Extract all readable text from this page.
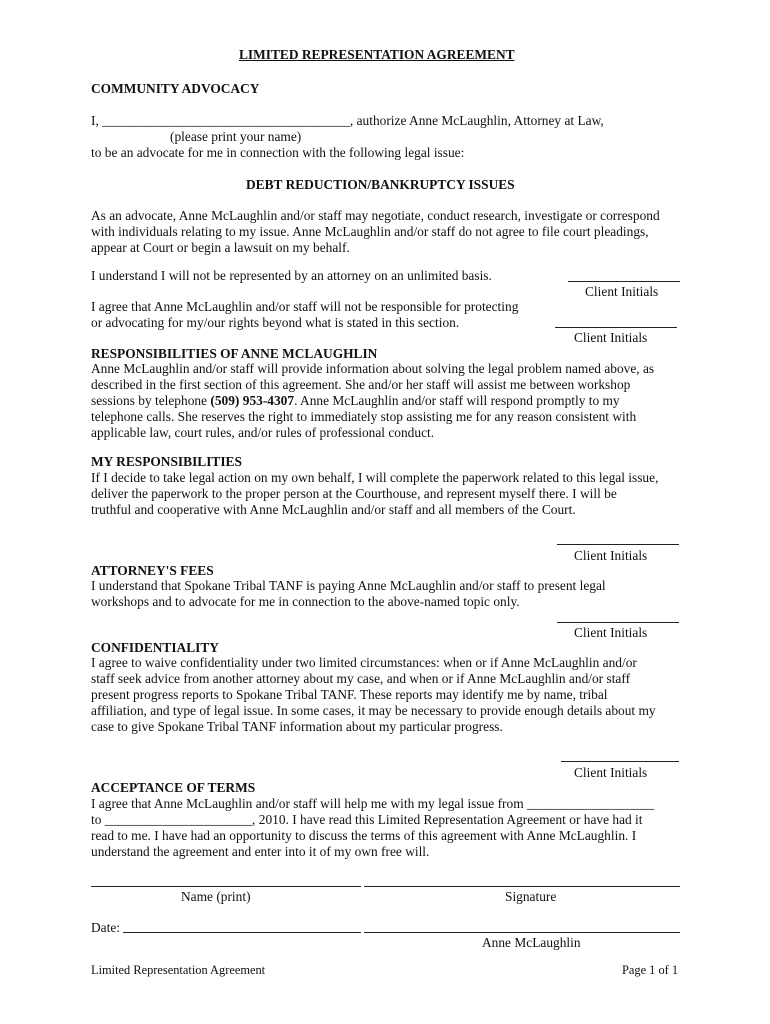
LIMITED REPRESENTATION AGREEMENT
COMMUNITY ADVOCACY
I, _____________________________________, authorize Anne McLaughlin, Attorney at Law,
(please print your name)
to be an advocate for me in connection with the following legal issue:
DEBT REDUCTION/BANKRUPTCY ISSUES
As an advocate, Anne McLaughlin and/or staff may negotiate, conduct research, investigate or correspond
with individuals relating to my issue. Anne McLaughlin and/or staff do not agree to file court pleadings,
appear at Court or begin a lawsuit on my behalf.
I understand I will not be represented by an attorney on an unlimited basis.
Client Initials
I agree that Anne McLaughlin and/or staff will not be responsible for protecting
or advocating for my/our rights beyond what is stated in this section.
Client Initials
RESPONSIBILITIES OF ANNE MCLAUGHLIN
Anne McLaughlin and/or staff will provide information about solving the legal problem named above, as
described in the first section of this agreement. She and/or her staff will assist me between workshop
sessions by telephone (509) 953-4307. Anne McLaughlin and/or staff will respond promptly to my
telephone calls. She reserves the right to immediately stop assisting me for any reason consistent with
applicable law, court rules, and/or rules of professional conduct.
MY RESPONSIBILITIES
If I decide to take legal action on my own behalf, I will complete the paperwork related to this legal issue,
deliver the paperwork to the proper person at the Courthouse, and represent myself there. I will be
truthful and cooperative with Anne McLaughlin and/or staff and all members of the Court.
Client Initials
ATTORNEY'S FEES
I understand that Spokane Tribal TANF is paying Anne McLaughlin and/or staff to present legal
workshops and to advocate for me in connection to the above-named topic only.
Client Initials
CONFIDENTIALITY
I agree to waive confidentiality under two limited circumstances: when or if Anne McLaughlin and/or
staff seek advice from another attorney about my case, and when or if Anne McLaughlin and/or staff
present progress reports to Spokane Tribal TANF. These reports may identify me by name, tribal
affiliation, and type of legal issue. In some cases, it may be necessary to provide enough details about my
case to give Spokane Tribal TANF information about my particular progress.
Client Initials
ACCEPTANCE OF TERMS
I agree that Anne McLaughlin and/or staff will help me with my legal issue from ___________________
to ______________________, 2010. I have read this Limited Representation Agreement or have had it
read to me. I have had an opportunity to discuss the terms of this agreement with Anne McLaughlin. I
understand the agreement and enter into it of my own free will.
Name (print)	Signature
Date:
Anne McLaughlin
Limited Representation Agreement	Page 1 of 1
